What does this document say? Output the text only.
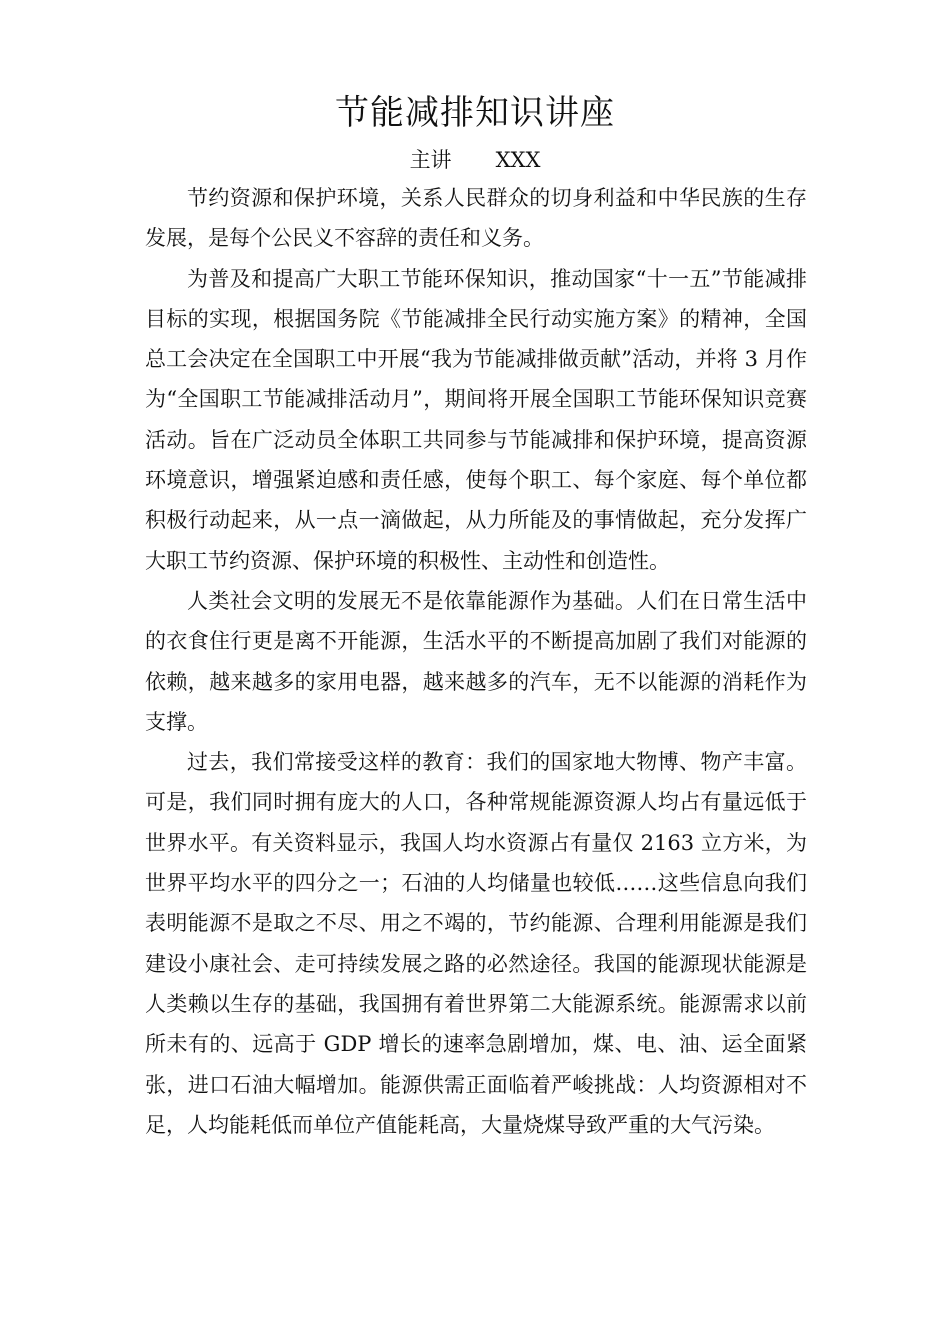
节能减排知识讲座
主讲 XXX

节约资源和保护环境，关系人民群众的切身利益和中华民族的生存发展，是每个公民义不容辞的责任和义务。

为普及和提高广大职工节能环保知识，推动国家“十一五”节能减排目标的实现，根据国务院《节能减排全民行动实施方案》的精神，全国总工会决定在全国职工中开展“我为节能减排做贡献”活动，并将 3 月作为“全国职工节能减排活动月”，期间将开展全国职工节能环保知识竞赛活动。旨在广泛动员全体职工共同参与节能减排和保护环境，提高资源环境意识，增强紧迫感和责任感，使每个职工、每个家庭、每个单位都积极行动起来，从一点一滴做起，从力所能及的事情做起，充分发挥广大职工节约资源、保护环境的积极性、主动性和创造性。

人类社会文明的发展无不是依靠能源作为基础。人们在日常生活中的衣食住行更是离不开能源，生活水平的不断提高加剧了我们对能源的依赖，越来越多的家用电器，越来越多的汽车，无不以能源的消耗作为支撑。

过去，我们常接受这样的教育：我们的国家地大物博、物产丰富。可是，我们同时拥有庞大的人口，各种常规能源资源人均占有量远低于世界水平。有关资料显示，我国人均水资源占有量仅 2163 立方米，为世界平均水平的四分之一；石油的人均储量也较低……这些信息向我们表明能源不是取之不尽、用之不竭的，节约能源、合理利用能源是我们建设小康社会、走可持续发展之路的必然途径。我国的能源现状能源是人类赖以生存的基础，我国拥有着世界第二大能源系统。能源需求以前所未有的、远高于 GDP 增长的速率急剧增加，煤、电、油、运全面紧张，进口石油大幅增加。能源供需正面临着严峻挑战：人均资源相对不足，人均能耗低而单位产值能耗高，大量烧煤导致严重的大气污染。
